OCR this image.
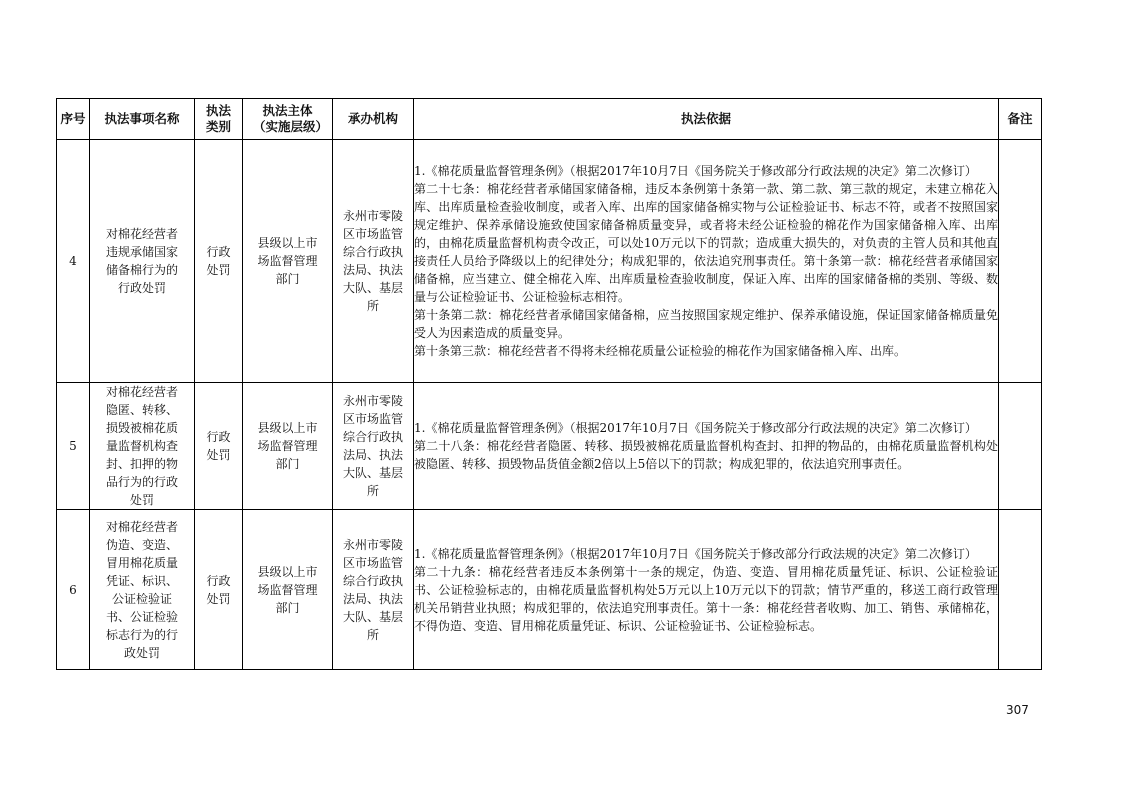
序号	执法事项名称	执法类别	执法主体（实施层级）	承办机构	执法依据	备注
4	对棉花经营者违规承储国家储备棉行为的行政处罚	行政处罚	县级以上市场监督管理部门	永州市零陵区市场监管综合行政执法局、执法大队、基层所	1.《棉花质量监督管理条例》（根据2017年10月7日《国务院关于修改部分行政法规的决定》第二次修订）

第二十七条：棉花经营者承储国家储备棉，违反本条例第十条第一款、第二款、第三款的规定，未建立棉花入库、出库质量检查验收制度，或者入库、出库的国家储备棉实物与公证检验证书、标志不符，或者不按照国家规定维护、保养承储设施致使国家储备棉质量变异，或者将未经公证检验的棉花作为国家储备棉入库、出库的，由棉花质量监督机构责令改正，可以处10万元以下的罚款；造成重大损失的，对负责的主管人员和其他直接责任人员给予降级以上的纪律处分；构成犯罪的，依法追究刑事责任。第十条第一款：棉花经营者承储国家储备棉，应当建立、健全棉花入库、出库质量检查验收制度，保证入库、出库的国家储备棉的类别、等级、数量与公证检验证书、公证检验标志相符。

第十条第二款：棉花经营者承储国家储备棉，应当按照国家规定维护、保养承储设施，保证国家储备棉质量免受人为因素造成的质量变异。

第十条第三款：棉花经营者不得将未经棉花质量公证检验的棉花作为国家储备棉入库、出库。	

5	对棉花经营者隐匿、转移、损毁被棉花质量监督机构查封、扣押的物品行为的行政处罚	行政处罚	县级以上市场监督管理部门	永州市零陵区市场监管综合行政执法局、执法大队、基层所	1.《棉花质量监督管理条例》（根据2017年10月7日《国务院关于修改部分行政法规的决定》第二次修订）

第二十八条：棉花经营者隐匿、转移、损毁被棉花质量监督机构查封、扣押的物品的，由棉花质量监督机构处被隐匿、转移、损毁物品货值金额2倍以上5倍以下的罚款；构成犯罪的，依法追究刑事责任。	

6	对棉花经营者伪造、变造、冒用棉花质量凭证、标识、公证检验证书、公证检验标志行为的行政处罚	行政处罚	县级以上市场监督管理部门	永州市零陵区市场监管综合行政执法局、执法大队、基层所	1.《棉花质量监督管理条例》（根据2017年10月7日《国务院关于修改部分行政法规的决定》第二次修订）

第二十九条：棉花经营者违反本条例第十一条的规定，伪造、变造、冒用棉花质量凭证、标识、公证检验证书、公证检验标志的，由棉花质量监督机构处5万元以上10万元以下的罚款；情节严重的，移送工商行政管理机关吊销营业执照；构成犯罪的，依法追究刑事责任。第十一条：棉花经营者收购、加工、销售、承储棉花，不得伪造、变造、冒用棉花质量凭证、标识、公证检验证书、公证检验标志。	

307
